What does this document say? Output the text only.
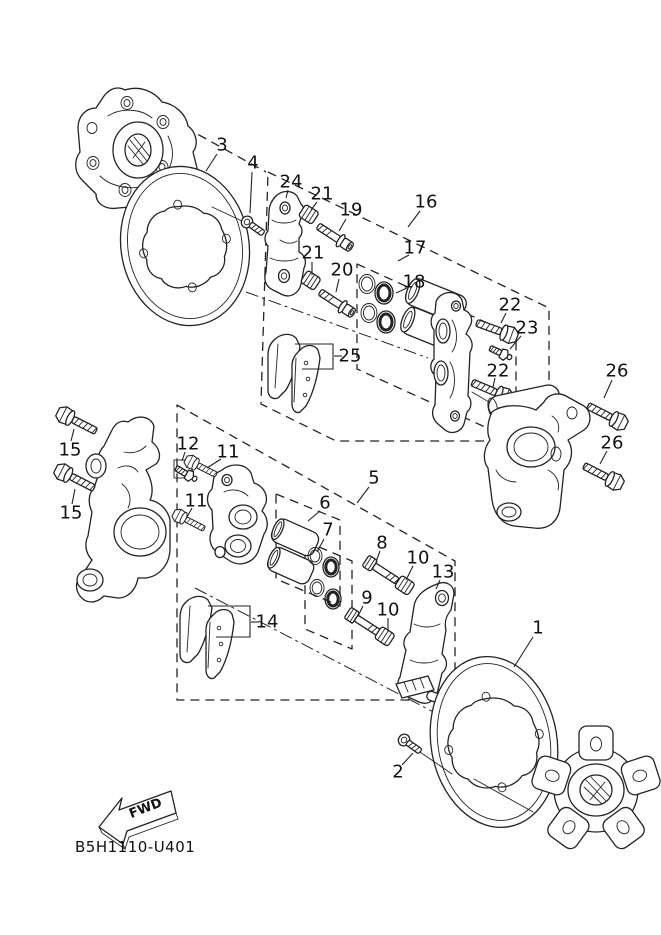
FWD
B5H1110-U401
1
2
3
4
5
6
7
8
9
10
10
11
11
12
13
14
15
15
16
17
18
19
20
21
21
22
22
23
24
25
26
26
